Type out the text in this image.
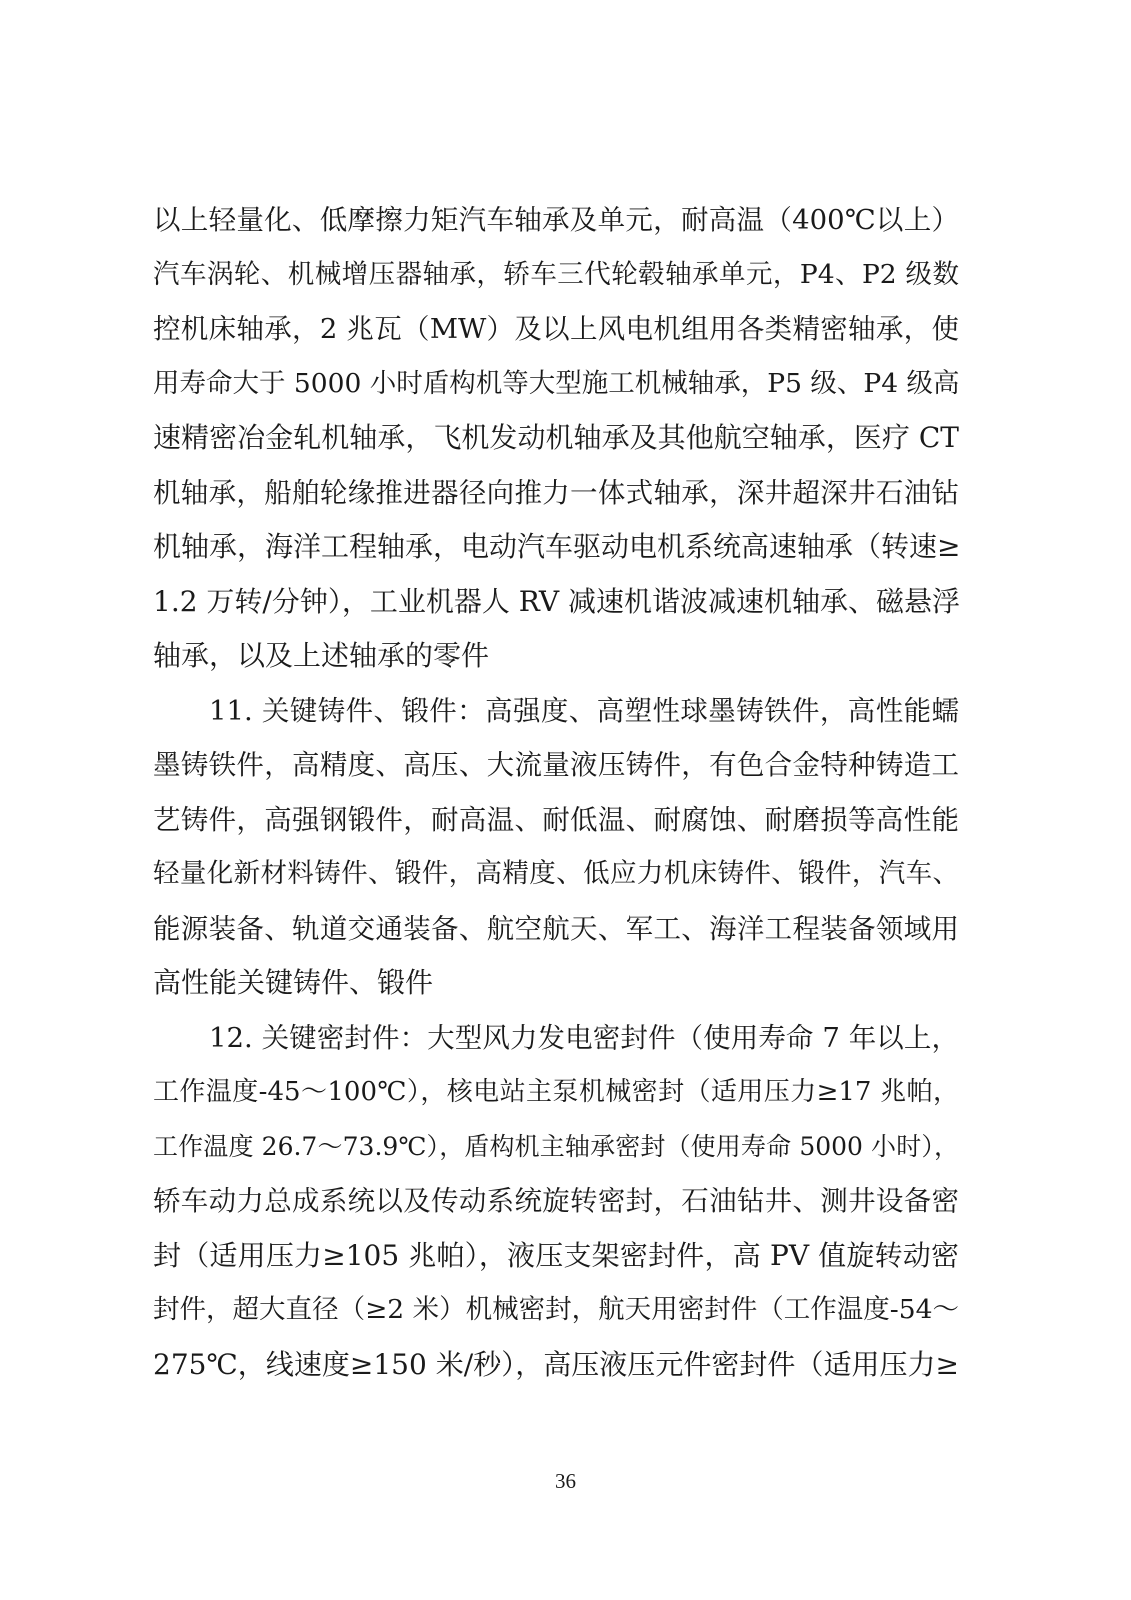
以上轻量化、低摩擦力矩汽车轴承及单元，耐高温（400℃以上）
汽车涡轮、机械增压器轴承，轿车三代轮毂轴承单元，P4、P2 级数
控机床轴承，2 兆瓦（MW）及以上风电机组用各类精密轴承，使
用寿命大于 5000 小时盾构机等大型施工机械轴承，P5 级、P4 级高
速精密冶金轧机轴承，飞机发动机轴承及其他航空轴承，医疗 CT
机轴承，船舶轮缘推进器径向推力一体式轴承，深井超深井石油钻
机轴承，海洋工程轴承，电动汽车驱动电机系统高速轴承（转速≥
1.2 万转/分钟），工业机器人 RV 减速机谐波减速机轴承、磁悬浮
轴承，以及上述轴承的零件
11. 关键铸件、锻件：高强度、高塑性球墨铸铁件，高性能蠕
墨铸铁件，高精度、高压、大流量液压铸件，有色合金特种铸造工
艺铸件，高强钢锻件，耐高温、耐低温、耐腐蚀、耐磨损等高性能
轻量化新材料铸件、锻件，高精度、低应力机床铸件、锻件，汽车、
能源装备、轨道交通装备、航空航天、军工、海洋工程装备领域用
高性能关键铸件、锻件
12. 关键密封件：大型风力发电密封件（使用寿命 7 年以上，
工作温度-45～100℃），核电站主泵机械密封（适用压力≥17 兆帕，
工作温度 26.7～73.9℃），盾构机主轴承密封（使用寿命 5000 小时），
轿车动力总成系统以及传动系统旋转密封，石油钻井、测井设备密
封（适用压力≥105 兆帕），液压支架密封件，高 PV 值旋转动密
封件，超大直径（≥2 米）机械密封，航天用密封件（工作温度-54～
275℃，线速度≥150 米/秒），高压液压元件密封件（适用压力≥
36
